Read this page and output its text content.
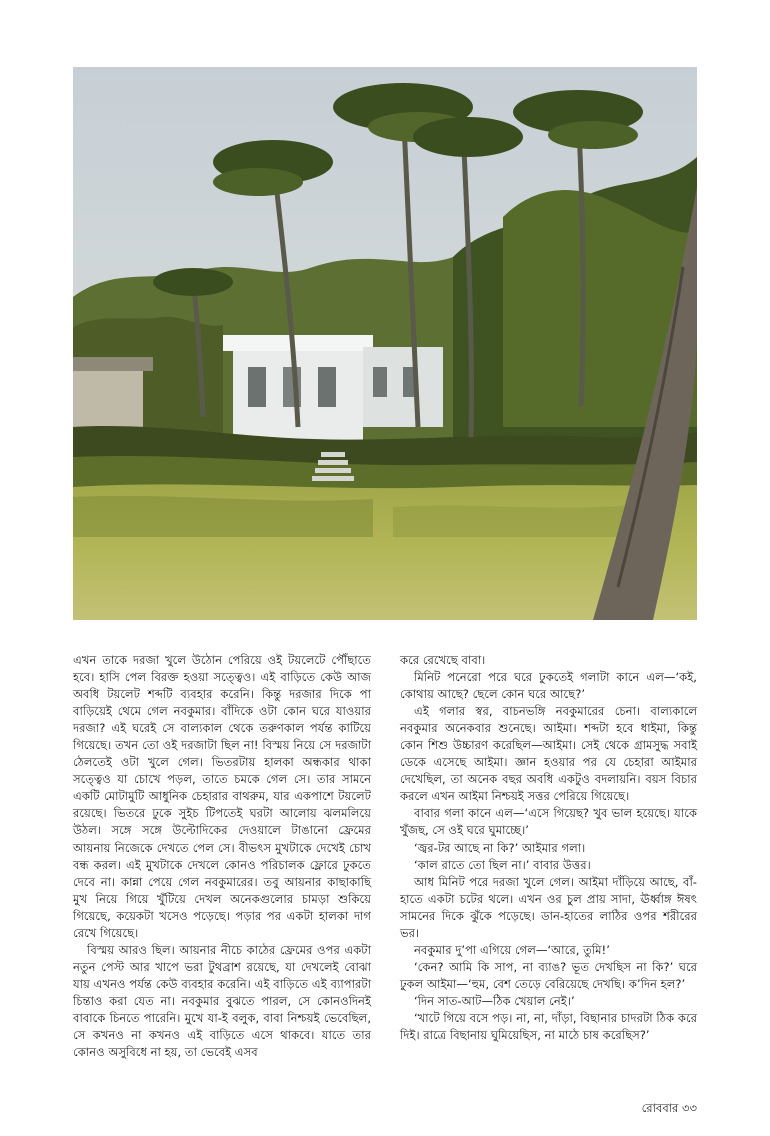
এখন তাকে দরজা খুলে উঠোন পেরিয়ে ওই টয়লেটে পৌঁছাতে হবে। হাসি পেল বিরক্ত হওয়া সত্ত্বেও। এই বাড়িতে কেউ আজ অবধি টয়লেট শব্দটি ব্যবহার করেনি। কিন্তু দরজার দিকে পা বাড়িয়েই থেমে গেল নবকুমার। বাঁদিকে ওটা কোন ঘরে যাওয়ার দরজা? এই ঘরেই সে বাল্যকাল থেকে তরুণকাল পর্যন্ত কাটিয়ে গিয়েছে। তখন তো ওই দরজাটা ছিল না! বিস্ময় নিয়ে সে দরজাটা ঠেলতেই ওটা খুলে গেল। ভিতরটায় হালকা অন্ধকার থাকা সত্ত্বেও যা চোখে পড়ল, তাতে চমকে গেল সে। তার সামনে একটি মোটামুটি আধুনিক চেহারার বাথরুম, যার একপাশে টয়লেট রয়েছে। ভিতরে ঢুকে সুইচ টিপতেই ঘরটা আলোয় ঝলমলিয়ে উঠল। সঙ্গে সঙ্গে উল্টোদিকের দেওয়ালে টাঙানো ফ্রেমের আয়নায় নিজেকে দেখতে পেল সে। বীভৎস মুখটাকে দেখেই চোখ বন্ধ করল। এই মুখটাকে দেখলে কোনও পরিচালক ফ্লোরে ঢুকতে দেবে না। কান্না পেয়ে গেল নবকুমারের। তবু আয়নার কাছাকাছি মুখ নিয়ে গিয়ে খুঁটিয়ে দেখল অনেকগুলোর চামড়া শুকিয়ে গিয়েছে, কয়েকটা খসেও পড়েছে। পড়ার পর একটা হালকা দাগ রেখে গিয়েছে।

বিস্ময় আরও ছিল। আয়নার নীচে কাঠের ফ্রেমের ওপর একটা নতুন পেস্ট আর খাপে ভরা টুথব্রাশ রয়েছে, যা দেখলেই বোঝা যায় এখনও পর্যন্ত কেউ ব্যবহার করেনি। এই বাড়িতে এই ব্যাপারটা চিন্তাও করা যেত না। নবকুমার বুঝতে পারল, সে কোনওদিনই বাবাকে চিনতে পারেনি। মুখে যা-ই বলুক, বাবা নিশ্চয়ই ভেবেছিল, সে কখনও না কখনও এই বাড়িতে এসে থাকবে। যাতে তার কোনও অসুবিধে না হয়, তা ভেবেই এসব

করে রেখেছে বাবা।

মিনিট পনেরো পরে ঘরে ঢুকতেই গলাটা কানে এল—‘কই, কোথায় আছে? ছেলে কোন ঘরে আছে?’

এই গলার স্বর, বাচনভঙ্গি নবকুমারের চেনা। বাল্যকালে নবকুমার অনেকবার শুনেছে। আইমা। শব্দটা হবে ধাইমা, কিন্তু কোন শিশু উচ্চারণ করেছিল—আইমা। সেই থেকে গ্রামসুদ্ধ সবাই ডেকে এসেছে আইমা। জ্ঞান হওয়ার পর যে চেহারা আইমার দেখেছিল, তা অনেক বছর অবধি একটুও বদলায়নি। বয়স বিচার করলে এখন আইমা নিশ্চয়ই সত্তর পেরিয়ে গিয়েছে।

বাবার গলা কানে এল—‘এসে গিয়েছ? খুব ভাল হয়েছে। যাকে খুঁজছ, সে ওই ঘরে ঘুমাচ্ছে।’

‘জ্বর-টর আছে না কি?’ আইমার গলা।

‘কাল রাতে তো ছিল না।’ বাবার উত্তর।

আধ মিনিট পরে দরজা খুলে গেল। আইমা দাঁড়িয়ে আছে, বাঁ-হাতে একটা চটের থলে। এখন ওর চুল প্রায় সাদা, ঊর্ধ্বাঙ্গ ঈষৎ সামনের দিকে ঝুঁকে পড়েছে। ডান-হাতের লাঠির ওপর শরীরের ভর।

নবকুমার দু’পা এগিয়ে গেল—‘আরে, তুমি!’

‘কেন? আমি কি সাপ, না ব্যাঙ? ভূত দেখছিস না কি?’ ঘরে ঢুকল আইমা—‘হুম, বেশ তেড়ে বেরিয়েছে দেখছি। ক’দিন হল?’

‘দিন সাত-আট—ঠিক খেয়াল নেই।’

‘খাটে গিয়ে বসে পড়। না, না, দাঁড়া, বিছানার চাদরটা ঠিক করে দিই। রাত্রে বিছানায় ঘুমিয়েছিস, না মাঠে চাষ করেছিস?’

রোববার ৩৩
